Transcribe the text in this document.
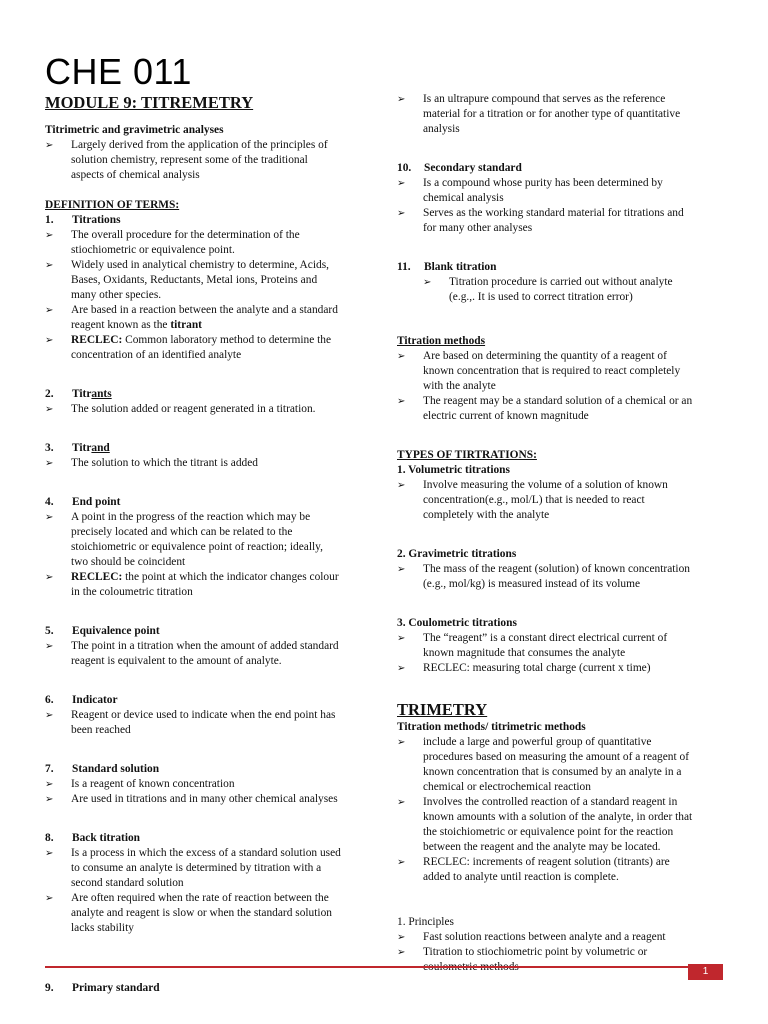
CHE 011
MODULE 9: TITREMETRY
Titrimetric and gravimetric analyses
➢	Largely derived from the application of the principles of
solution chemistry, represent some of the traditional
aspects of chemical analysis
DEFINITION OF TERMS:
1.	Titrations
➢	The overall procedure for the determination of the
stiochiometric or equivalence point.
➢	Widely used in analytical chemistry to determine, Acids,
Bases, Oxidants, Reductants, Metal ions, Proteins and
many other species.
➢	Are based in a reaction between the analyte and a standard
reagent known as the titrant
➢	RECLEC: Common laboratory method to determine the
concentration of an identified analyte
2.	Titrants
➢	The solution added or reagent generated in a titration.
3.	Titrand
➢	The solution to which the titrant is added
4.	End point
➢	A point in the progress of the reaction which may be
precisely located and which can be related to the
stoichiometric or equivalence point of reaction; ideally,
two should be coincident
➢	RECLEC: the point at which the indicator changes colour
in the coloumetric titration
5.	Equivalence point
➢	The point in a titration when the amount of added standard
reagent is equivalent to the amount of analyte.
6.	Indicator
➢	Reagent or device used to indicate when the end point has
been reached
7.	Standard solution
➢	Is a reagent of known concentration
➢	Are used in titrations and in many other chemical analyses
8.	Back titration
➢	Is a process in which the excess of a standard solution used
to consume an analyte is determined by titration with a
second standard solution
➢	Are often required when the rate of reaction between the
analyte and reagent is slow or when the standard solution
lacks stability
9.	Primary standard
➢	Is an ultrapure compound that serves as the reference
material for a titration or for another type of quantitative
analysis
10.	Secondary standard
➢	Is a compound whose purity has been determined by
chemical analysis
➢	Serves as the working standard material for titrations and
for many other analyses
11.	Blank titration
➢	Titration procedure is carried out without analyte
(e.g.,. It is used to correct titration error)
Titration methods
➢	Are based on determining the quantity of a reagent of
known concentration that is required to react completely
with the analyte
➢	The reagent may be a standard solution of a chemical or an
electric current of known magnitude
TYPES OF TIRTRATIONS:
1. Volumetric titrations
➢	Involve measuring the volume of a solution of known
concentration(e.g., mol/L) that is needed to react
completely with the analyte
2. Gravimetric titrations
➢	The mass of the reagent (solution) of known concentration
(e.g., mol/kg) is measured instead of its volume
3. Coulometric titrations
➢	The “reagent” is a constant direct electrical current of
known magnitude that consumes the analyte
➢	RECLEC: measuring total charge (current x time)
TRIMETRY
Titration methods/ titrimetric methods
➢	include a large and powerful group of quantitative
procedures based on measuring the amount of a reagent of
known concentration that is consumed by an analyte in a
chemical or electrochemical reaction
➢	Involves the controlled reaction of a standard reagent in
known amounts with a solution of the analyte, in order that
the stoichiometric or equivalence point for the reaction
between the reagent and the analyte may be located.
➢	RECLEC: increments of reagent solution (titrants) are
added to analyte until reaction is complete.
1. Principles
➢	Fast solution reactions between analyte and a reagent
➢	Titration to stiochiometric point by volumetric or
1
